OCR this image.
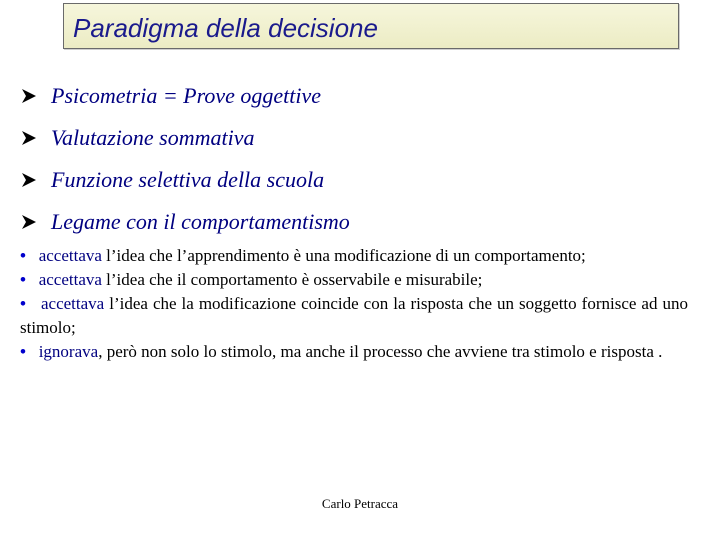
Paradigma della decisione
Psicometria = Prove oggettive
Valutazione sommativa
Funzione selettiva della scuola
Legame con il comportamentismo

• accettava l’idea che l’apprendimento è una modificazione di un comportamento;

• accettava l’idea che il comportamento è osservabile e misurabile;

• accettava l’idea che la modificazione coincide con la risposta che un soggetto fornisce ad uno stimolo;

• ignorava, però non solo lo stimolo, ma anche il processo che avviene tra stimolo e risposta .

Carlo Petracca
